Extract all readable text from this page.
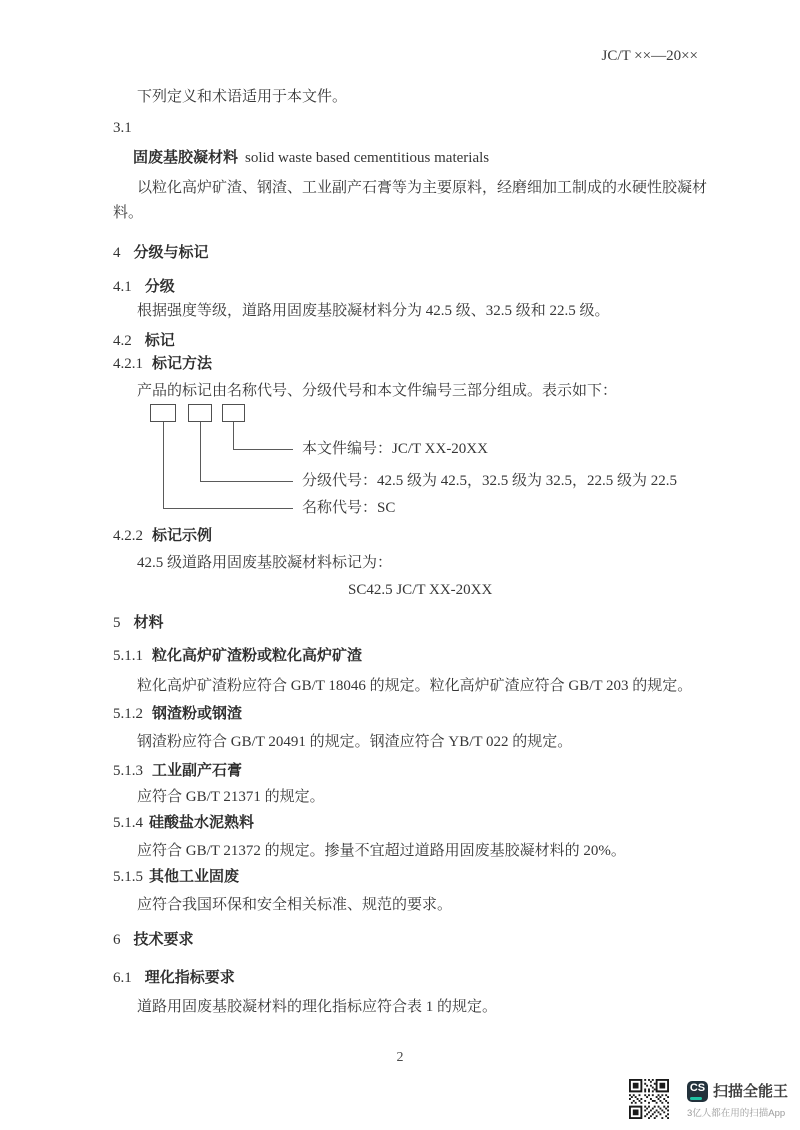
JC/T ××—20××
下列定义和术语适用于本文件。
3.1
固废基胶凝材料 solid waste based cementitious materials
以粒化高炉矿渣、钢渣、工业副产石膏等为主要原料，经磨细加工制成的水硬性胶凝材
料。
4 分级与标记
4.1 分级
根据强度等级，道路用固废基胶凝材料分为 42.5 级、32.5 级和 22.5 级。
4.2 标记
4.2.1 标记方法
产品的标记由名称代号、分级代号和本文件编号三部分组成。表示如下：
本文件编号：JC/T XX-20XX
分级代号：42.5 级为 42.5，32.5 级为 32.5，22.5 级为 22.5
名称代号：SC
4.2.2 标记示例
42.5 级道路用固废基胶凝材料标记为：
SC42.5 JC/T XX-20XX
5 材料
5.1.1 粒化高炉矿渣粉或粒化高炉矿渣
粒化高炉矿渣粉应符合 GB/T 18046 的规定。粒化高炉矿渣应符合 GB/T 203 的规定。
5.1.2 钢渣粉或钢渣
钢渣粉应符合 GB/T 20491 的规定。钢渣应符合 YB/T 022 的规定。
5.1.3 工业副产石膏
应符合 GB/T 21371 的规定。
5.1.4 硅酸盐水泥熟料
应符合 GB/T 21372 的规定。掺量不宜超过道路用固废基胶凝材料的 20%。
5.1.5 其他工业固废
应符合我国环保和安全相关标准、规范的要求。
6 技术要求
6.1 理化指标要求
道路用固废基胶凝材料的理化指标应符合表 1 的规定。
2
CS 扫描全能王
3亿人都在用的扫描App
